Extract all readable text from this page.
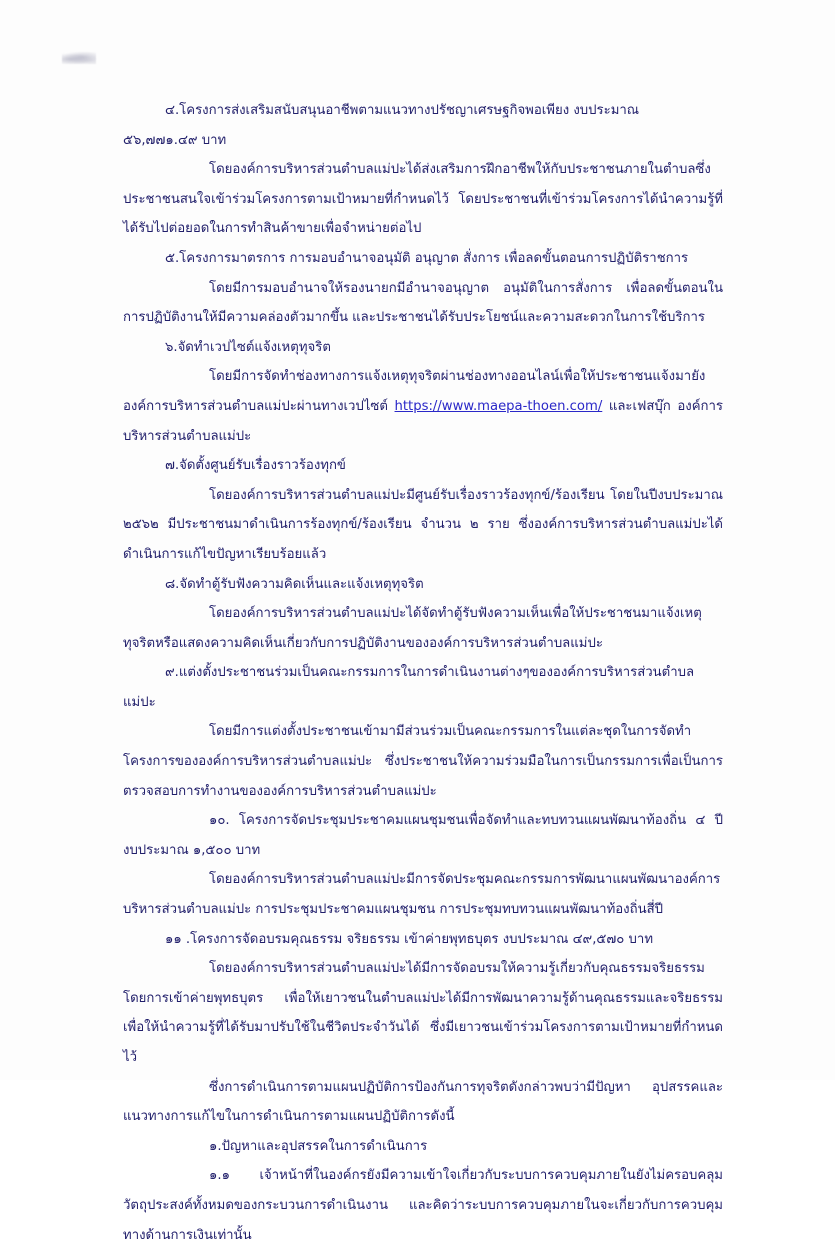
๔.โครงการส่งเสริมสนับสนุนอาชีพตามแนวทางปรัชญาเศรษฐกิจพอเพียง งบประมาณ

๕๖,๗๗๑.๔๙ บาท

โดยองค์การบริหารส่วนตำบลแม่ปะได้ส่งเสริมการฝึกอาชีพให้กับประชาชนภายในตำบลซึ่งประชาชนสนใจเข้าร่วมโครงการตามเป้าหมายที่กำหนดไว้ โดยประชาชนที่เข้าร่วมโครงการได้นำความรู้ที่ได้รับไปต่อยอดในการทำสินค้าขายเพื่อจำหน่ายต่อไป

๕.โครงการมาตรการ การมอบอำนาจอนุมัติ อนุญาต สั่งการ เพื่อลดขั้นตอนการปฏิบัติราชการ

โดยมีการมอบอำนาจให้รองนายกมีอำนาจอนุญาต อนุมัติในการสั่งการ เพื่อลดขั้นตอนในการปฏิบัติงานให้มีความคล่องตัวมากขึ้น และประชาชนได้รับประโยชน์และความสะดวกในการใช้บริการ

๖.จัดทำเวปไซต์แจ้งเหตุทุจริต

โดยมีการจัดทำช่องทางการแจ้งเหตุทุจริตผ่านช่องทางออนไลน์เพื่อให้ประชาชนแจ้งมายังองค์การบริหารส่วนตำบลแม่ปะผ่านทางเวปไซต์ https://www.maepa-thoen.com/ และเฟสบุ๊ก องค์การบริหารส่วนตำบลแม่ปะ

๗.จัดตั้งศูนย์รับเรื่องราวร้องทุกข์

โดยองค์การบริหารส่วนตำบลแม่ปะมีศูนย์รับเรื่องราวร้องทุกข์/ร้องเรียน โดยในปีงบประมาณ ๒๕๖๒ มีประชาชนมาดำเนินการร้องทุกข์/ร้องเรียน จำนวน ๒ ราย ซึ่งองค์การบริหารส่วนตำบลแม่ปะได้ดำเนินการแก้ไขปัญหาเรียบร้อยแล้ว

๘.จัดทำตู้รับฟังความคิดเห็นและแจ้งเหตุทุจริต

โดยองค์การบริหารส่วนตำบลแม่ปะได้จัดทำตู้รับฟังความเห็นเพื่อให้ประชาชนมาแจ้งเหตุทุจริตหรือแสดงความคิดเห็นเกี่ยวกับการปฏิบัติงานขององค์การบริหารส่วนตำบลแม่ปะ

๙.แต่งตั้งประชาชนร่วมเป็นคณะกรรมการในการดำเนินงานต่างๆขององค์การบริหารส่วนตำบลแม่ปะ

โดยมีการแต่งตั้งประชาชนเข้ามามีส่วนร่วมเป็นคณะกรรมการในแต่ละชุดในการจัดทำโครงการขององค์การบริหารส่วนตำบลแม่ปะ ซึ่งประชาชนให้ความร่วมมือในการเป็นกรรมการเพื่อเป็นการตรวจสอบการทำงานขององค์การบริหารส่วนตำบลแม่ปะ

๑๐. โครงการจัดประชุมประชาคมแผนชุมชนเพื่อจัดทำและทบทวนแผนพัฒนาท้องถิ่น ๔ ปี งบประมาณ ๑,๕๐๐ บาท

โดยองค์การบริหารส่วนตำบลแม่ปะมีการจัดประชุมคณะกรรมการพัฒนาแผนพัฒนาองค์การบริหารส่วนตำบลแม่ปะ การประชุมประชาคมแผนชุมชน การประชุมทบทวนแผนพัฒนาท้องถิ่นสี่ปี

๑๑ .โครงการจัดอบรมคุณธรรม จริยธรรม เข้าค่ายพุทธบุตร งบประมาณ ๔๙,๕๗๐ บาท

โดยองค์การบริหารส่วนตำบลแม่ปะได้มีการจัดอบรมให้ความรู้เกี่ยวกับคุณธรรมจริยธรรม โดยการเข้าค่ายพุทธบุตร เพื่อให้เยาวชนในตำบลแม่ปะได้มีการพัฒนาความรู้ด้านคุณธรรมและจริยธรรม เพื่อให้นำความรู้ที่ได้รับมาปรับใช้ในชีวิตประจำวันได้ ซึ่งมีเยาวชนเข้าร่วมโครงการตามเป้าหมายที่กำหนดไว้

ซึ่งการดำเนินการตามแผนปฏิบัติการป้องกันการทุจริตดังกล่าวพบว่ามีปัญหา อุปสรรคและแนวทางการแก้ไขในการดำเนินการตามแผนปฏิบัติการดังนี้

๑.ปัญหาและอุปสรรคในการดำเนินการ

๑.๑ เจ้าหน้าที่ในองค์กรยังมีความเข้าใจเกี่ยวกับระบบการควบคุมภายในยังไม่ครอบคลุมวัตถุประสงค์ทั้งหมดของกระบวนการดำเนินงาน และคิดว่าระบบการควบคุมภายในจะเกี่ยวกับการควบคุมทางด้านการเงินเท่านั้น
